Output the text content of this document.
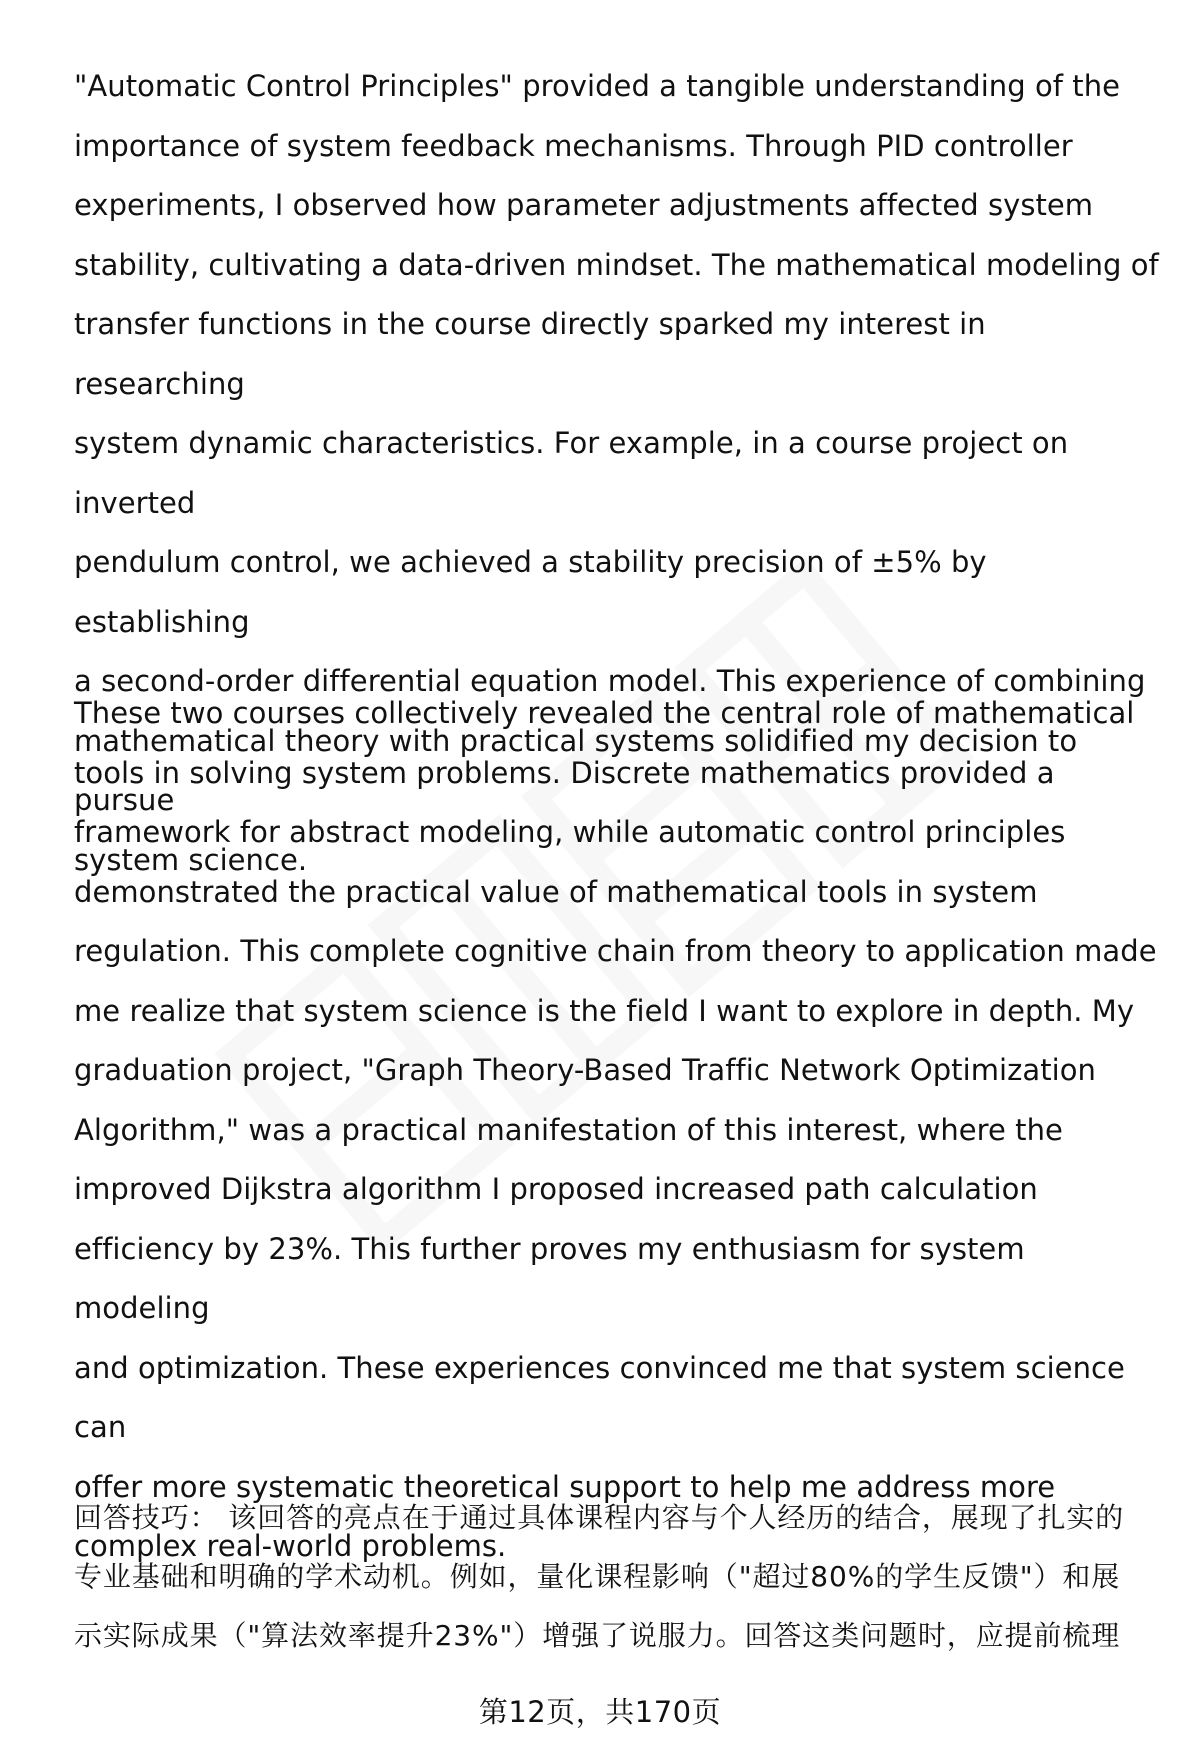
"Automatic Control Principles" provided a tangible understanding of the
importance of system feedback mechanisms. Through PID controller
experiments, I observed how parameter adjustments affected system
stability, cultivating a data-driven mindset. The mathematical modeling of
transfer functions in the course directly sparked my interest in researching
system dynamic characteristics. For example, in a course project on inverted
pendulum control, we achieved a stability precision of ±5% by establishing
a second-order differential equation model. This experience of combining
mathematical theory with practical systems solidified my decision to pursue
system science.

These two courses collectively revealed the central role of mathematical
tools in solving system problems. Discrete mathematics provided a
framework for abstract modeling, while automatic control principles
demonstrated the practical value of mathematical tools in system
regulation. This complete cognitive chain from theory to application made
me realize that system science is the field I want to explore in depth. My
graduation project, "Graph Theory-Based Traffic Network Optimization
Algorithm," was a practical manifestation of this interest, where the
improved Dijkstra algorithm I proposed increased path calculation
efficiency by 23%. This further proves my enthusiasm for system modeling
and optimization. These experiences convinced me that system science can
offer more systematic theoretical support to help me address more
complex real-world problems.

回答技巧： 该回答的亮点在于通过具体课程内容与个人经历的结合，展现了扎实的
专业基础和明确的学术动机。例如，量化课程影响（"超过80%的学生反馈"）和展
示实际成果（"算法效率提升23%"）增强了说服力。回答这类问题时，应提前梳理

第12页，共170页
